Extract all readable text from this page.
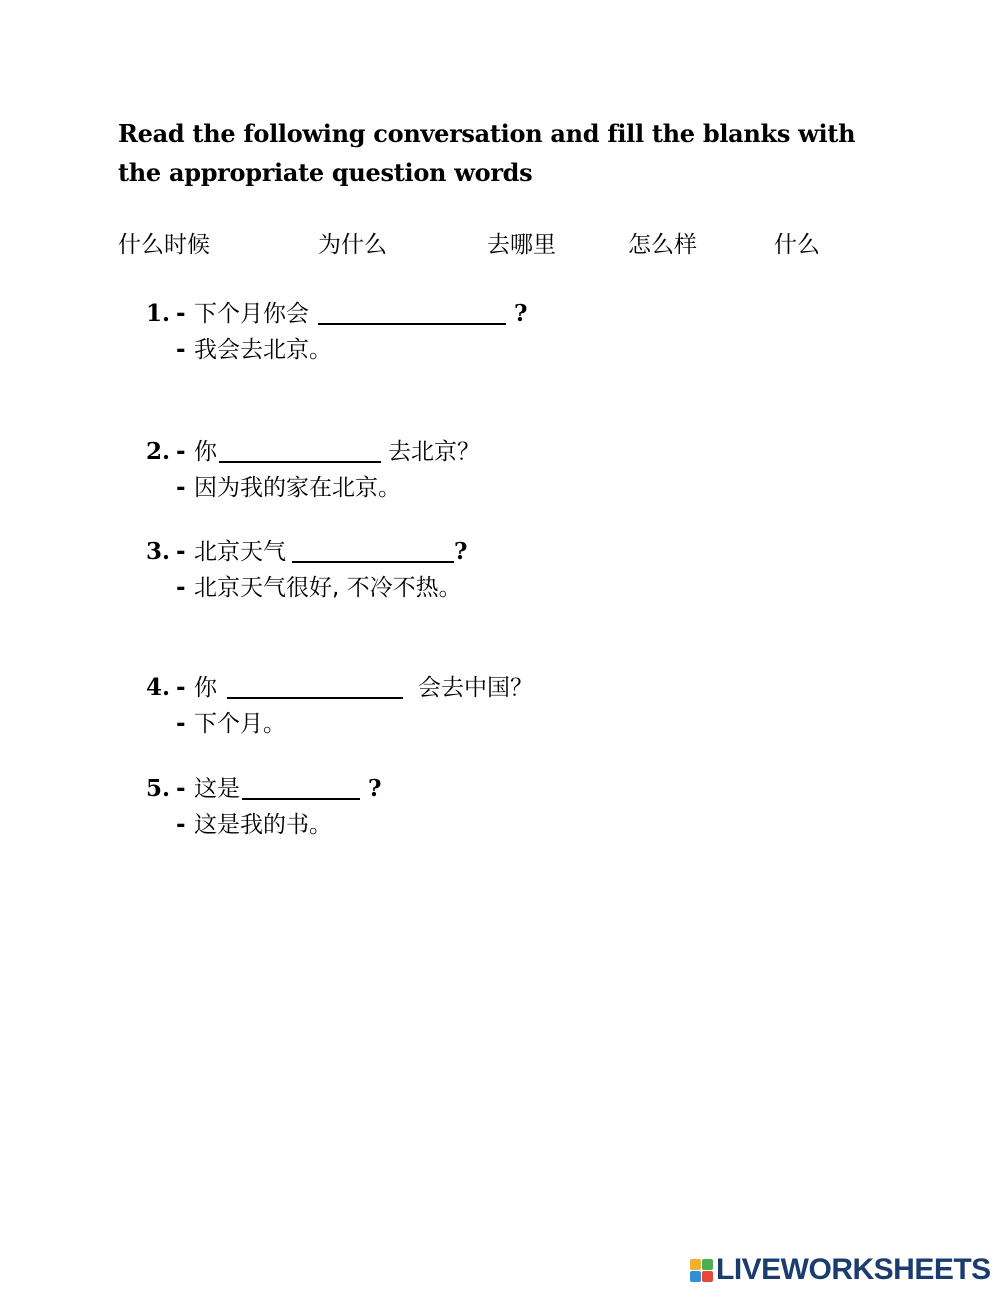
Read the following conversation and fill the blanks with the appropriate question words
什么时候	为什么	去哪里	怎么样	什么
1. - 下个月你会	?
- 我会去北京。
2. - 你	去北京？
- 因为我的家在北京。
3. - 北京天气	?
- 北京天气很好, 不冷不热。
4. - 你	会去中国？
- 下个月。
5. - 这是	?
- 这是我的书。
LIVEWORKSHEETS
